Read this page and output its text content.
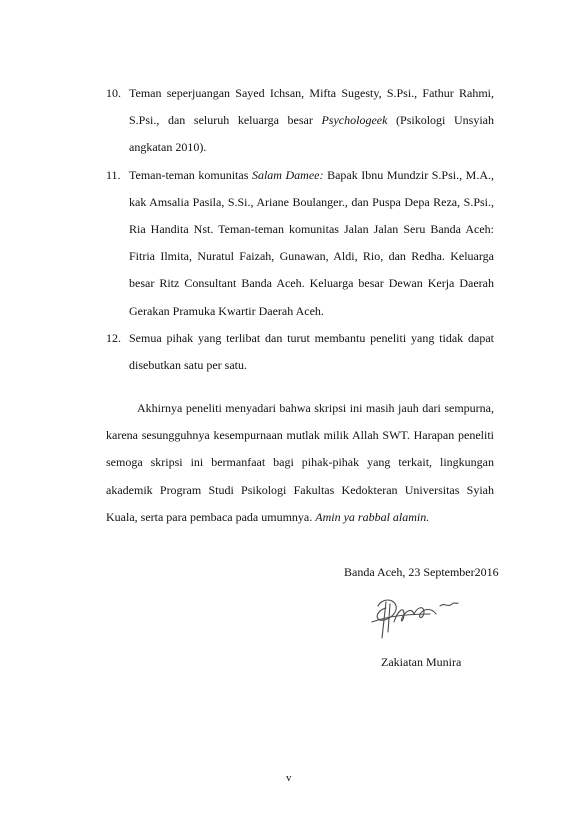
10. Teman seperjuangan Sayed Ichsan, Mifta Sugesty, S.Psi., Fathur Rahmi, S.Psi., dan seluruh keluarga besar Psychologeek (Psikologi Unsyiah angkatan 2010).
11. Teman-teman komunitas Salam Damee: Bapak Ibnu Mundzir S.Psi., M.A., kak Amsalia Pasila, S.Si., Ariane Boulanger., dan Puspa Depa Reza, S.Psi., Ria Handita Nst. Teman-teman komunitas Jalan Jalan Seru Banda Aceh: Fitria Ilmita, Nuratul Faizah, Gunawan, Aldi, Rio, dan Redha. Keluarga besar Ritz Consultant Banda Aceh. Keluarga besar Dewan Kerja Daerah Gerakan Pramuka Kwartir Daerah Aceh.
12. Semua pihak yang terlibat dan turut membantu peneliti yang tidak dapat disebutkan satu per satu.

Akhirnya peneliti menyadari bahwa skripsi ini masih jauh dari sempurna, karena sesungguhnya kesempurnaan mutlak milik Allah SWT. Harapan peneliti semoga skripsi ini bermanfaat bagi pihak-pihak yang terkait, lingkungan akademik Program Studi Psikologi Fakultas Kedokteran Universitas Syiah Kuala, serta para pembaca pada umumnya. Amin ya rabbal alamin.

Banda Aceh, 23 September2016
Zakiatan Munira
v
